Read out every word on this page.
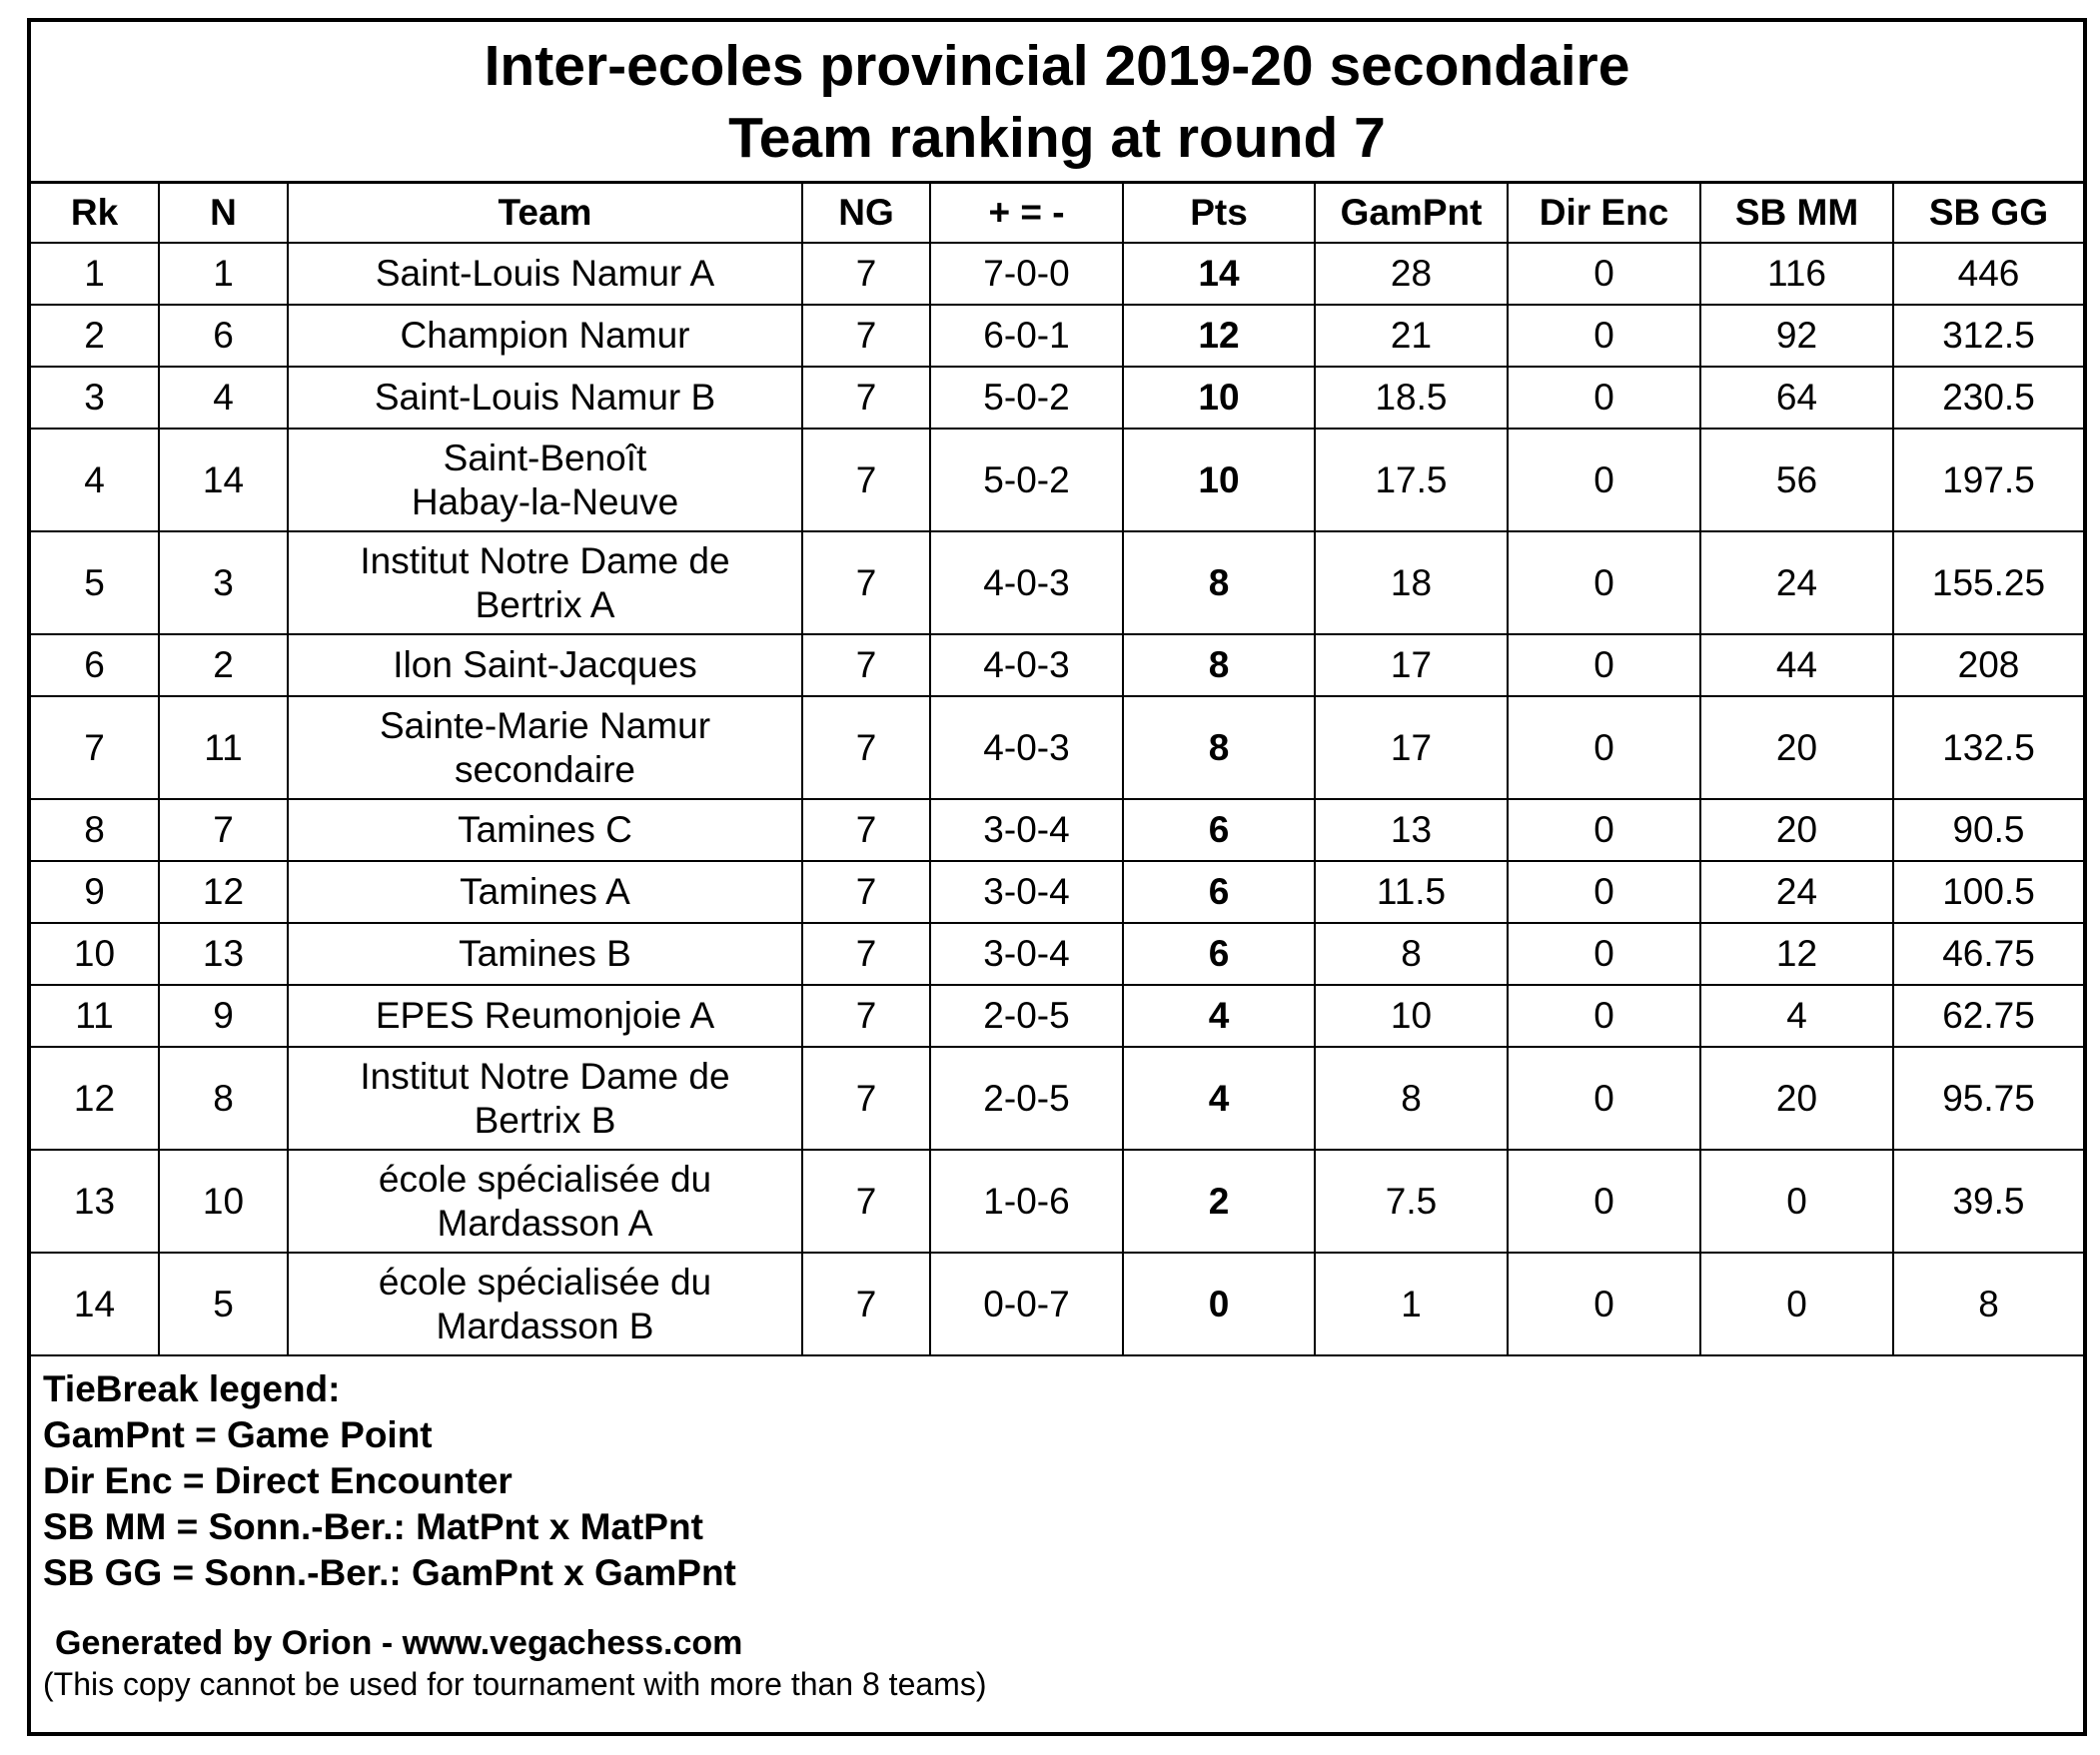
Inter-ecoles provincial 2019-20 secondaire
Team ranking at round 7
Rk	N	Team	NG	+ = -	Pts	GamPnt	Dir Enc	SB MM	SB GG
1	1	Saint-Louis Namur A	7	7-0-0	14	28	0	116	446
2	6	Champion Namur	7	6-0-1	12	21	0	92	312.5
3	4	Saint-Louis Namur B	7	5-0-2	10	18.5	0	64	230.5
4	14	Saint-Benoît
Habay-la-Neuve	7	5-0-2	10	17.5	0	56	197.5
5	3	Institut Notre Dame de
Bertrix A	7	4-0-3	8	18	0	24	155.25
6	2	Ilon Saint-Jacques	7	4-0-3	8	17	0	44	208
7	11	Sainte-Marie Namur
secondaire	7	4-0-3	8	17	0	20	132.5
8	7	Tamines C	7	3-0-4	6	13	0	20	90.5
9	12	Tamines A	7	3-0-4	6	11.5	0	24	100.5
10	13	Tamines B	7	3-0-4	6	8	0	12	46.75
11	9	EPES Reumonjoie A	7	2-0-5	4	10	0	4	62.75
12	8	Institut Notre Dame de
Bertrix B	7	2-0-5	4	8	0	20	95.75
13	10	école spécialisée du
Mardasson A	7	1-0-6	2	7.5	0	0	39.5
14	5	école spécialisée du
Mardasson B	7	0-0-7	0	1	0	0	8
TieBreak legend:
GamPnt = Game Point
Dir Enc = Direct Encounter
SB MM = Sonn.-Ber.: MatPnt x MatPnt
SB GG = Sonn.-Ber.: GamPnt x GamPnt
Generated by Orion - www.vegachess.com
(This copy cannot be used for tournament with more than 8 teams)
